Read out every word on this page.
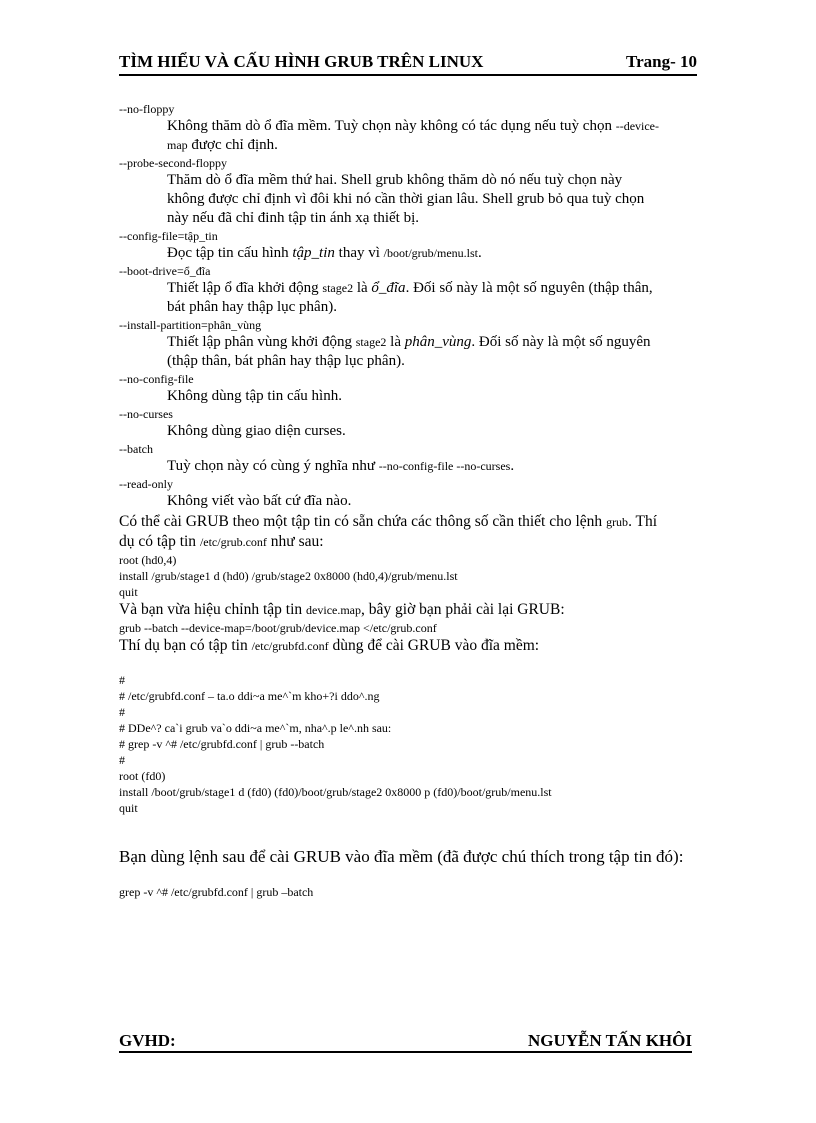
TÌM HIỂU VÀ CẤU HÌNH GRUB TRÊN LINUX	Trang- 10
--no-floppy
Không thăm dò ổ đĩa mềm. Tuỳ chọn này không có tác dụng nếu tuỳ chọn --device-
map được chỉ định.
--probe-second-floppy
Thăm dò ổ đĩa mềm thứ hai. Shell grub không thăm dò nó nếu tuỳ chọn này
không được chỉ định vì đôi khi nó cần thời gian lâu. Shell grub bỏ qua tuỳ chọn
này nếu đã chỉ đinh tập tin ánh xạ thiết bị.
--config-file=tập_tin
Đọc tập tin cấu hình tập_tin thay vì /boot/grub/menu.lst.
--boot-drive=ổ_đĩa
Thiết lập ổ đĩa khởi động stage2 là ổ_đĩa. Đối số này là một số nguyên (thập thân,
bát phân hay thập lục phân).
--install-partition=phân_vùng
Thiết lập phân vùng khởi động stage2 là phân_vùng. Đối số này là một số nguyên
(thập thân, bát phân hay thập lục phân).
--no-config-file
Không dùng tập tin cấu hình.
--no-curses
Không dùng giao diện curses.
--batch
Tuỳ chọn này có cùng ý nghĩa như --no-config-file --no-curses.
--read-only
Không viết vào bất cứ đĩa nào.
Có thể cài GRUB theo một tập tin có sẵn chứa các thông số cần thiết cho lệnh grub. Thí
dụ có tập tin /etc/grub.conf như sau:
root (hd0,4)
install /grub/stage1 d (hd0) /grub/stage2 0x8000 (hd0,4)/grub/menu.lst
quit
Và bạn vừa hiệu chỉnh tập tin device.map, bây giờ bạn phải cài lại GRUB:
grub --batch --device-map=/boot/grub/device.map </etc/grub.conf
Thí dụ bạn có tập tin /etc/grubfd.conf dùng để cài GRUB vào đĩa mềm:
#
# /etc/grubfd.conf – ta.o ddi~a me^`m kho+?i ddo^.ng
#
# DDe^? ca`i grub va`o ddi~a me^`m, nha^.p le^.nh sau:
# grep -v ^# /etc/grubfd.conf | grub --batch
#
root (fd0)
install /boot/grub/stage1 d (fd0) (fd0)/boot/grub/stage2 0x8000 p (fd0)/boot/grub/menu.lst
quit
Bạn dùng lệnh sau để cài GRUB vào đĩa mềm (đã được chú thích trong tập tin đó):
grep -v ^# /etc/grubfd.conf | grub –batch
GVHD:	NGUYỄN TẤN KHÔI
